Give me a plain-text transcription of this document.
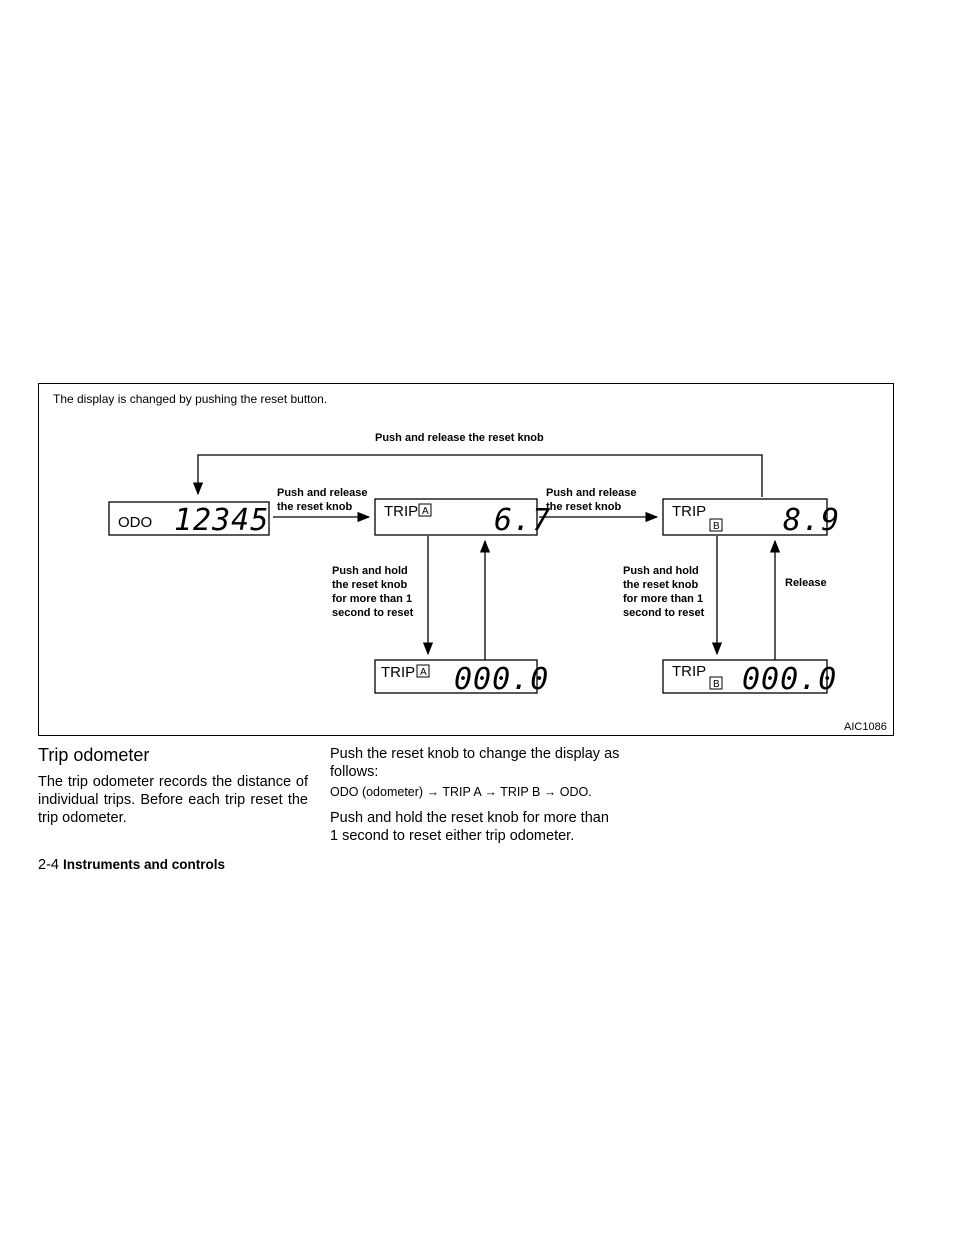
The display is changed by pushing the reset button.
Push and release the reset knob
ODO 12345
Push and release
the reset knob TRIP A 6.7
Push and release
the reset knob	TRIP
B 8.9
Push and hold
the reset knob
for more than 1
second to reset
Push and hold
the reset knob
for more than 1
second to reset
Release
TRIP A 000.0	TRIP
B 000.0
AIC1086
Trip odometer

The trip odometer records the distance of individual trips. Before each trip reset the trip odometer.

Push the reset knob to change the display as follows:

ODO (odometer) → TRIP A → TRIP B → ODO.

Push and hold the reset knob for more than 1 second to reset either trip odometer.

2-4 Instruments and controls
